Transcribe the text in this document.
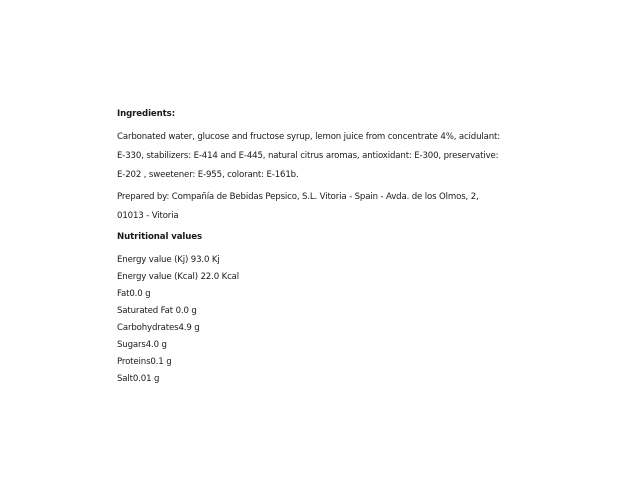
Ingredients:

Carbonated water, glucose and fructose syrup, lemon juice from concentrate 4%, acidulant: E-330, stabilizers: E-414 and E-445, natural citrus aromas, antioxidant: E-300, preservative: E-202 , sweetener: E-955, colorant: E-161b.

Prepared by: Compañía de Bebidas Pepsico, S.L. Vitoria - Spain - Avda. de los Olmos, 2, 01013 - Vitoria

Nutritional values
Energy value (Kj) 93.0 Kj
Energy value (Kcal) 22.0 Kcal
Fat0.0 g
Saturated Fat 0.0 g
Carbohydrates4.9 g
Sugars4.0 g
Proteins0.1 g
Salt0.01 g
